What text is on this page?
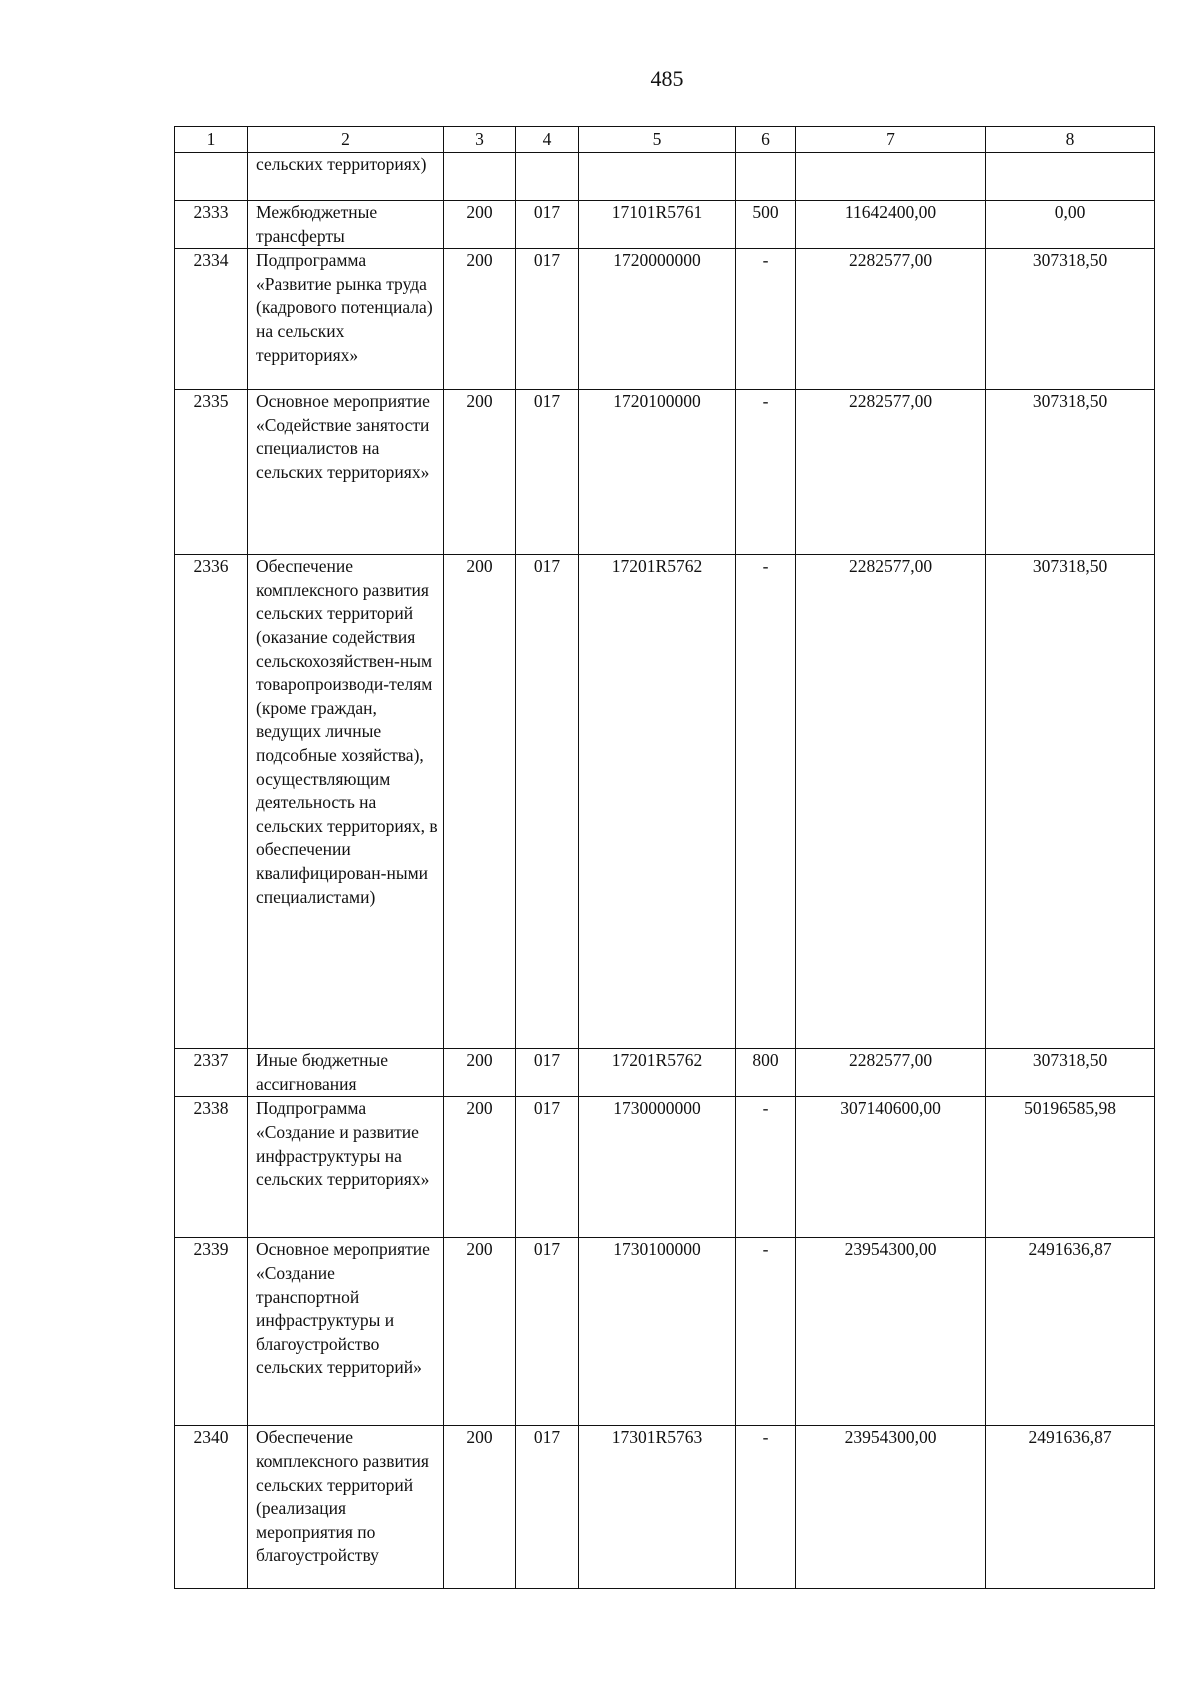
485
1	2	3	4	5	6	7	8
	сельских территориях)						
2333	Межбюджетные трансферты	200	017	17101R5761	500	11642400,00	0,00
2334	Подпрограмма «Развитие рынка труда (кадрового потенциала) на сельских территориях»	200	017	1720000000	-	2282577,00	307318,50
2335	Основное мероприятие «Содействие занятости специалистов на сельских территориях»	200	017	1720100000	-	2282577,00	307318,50
2336	Обеспечение комплексного развития сельских территорий (оказание содействия сельскохозяйствен-ным товаропроизводи-телям (кроме граждан, ведущих личные подсобные хозяйства), осуществляющим деятельность на сельских территориях, в обеспечении квалифицирован-ными специалистами)	200	017	17201R5762	-	2282577,00	307318,50
2337	Иные бюджетные ассигнования	200	017	17201R5762	800	2282577,00	307318,50
2338	Подпрограмма «Создание и развитие инфраструктуры на сельских территориях»	200	017	1730000000	-	307140600,00	50196585,98
2339	Основное мероприятие «Создание транспортной инфраструктуры и благоустройство сельских территорий»	200	017	1730100000	-	23954300,00	2491636,87
2340	Обеспечение комплексного развития сельских территорий (реализация мероприятия по благоустройству	200	017	17301R5763	-	23954300,00	2491636,87
